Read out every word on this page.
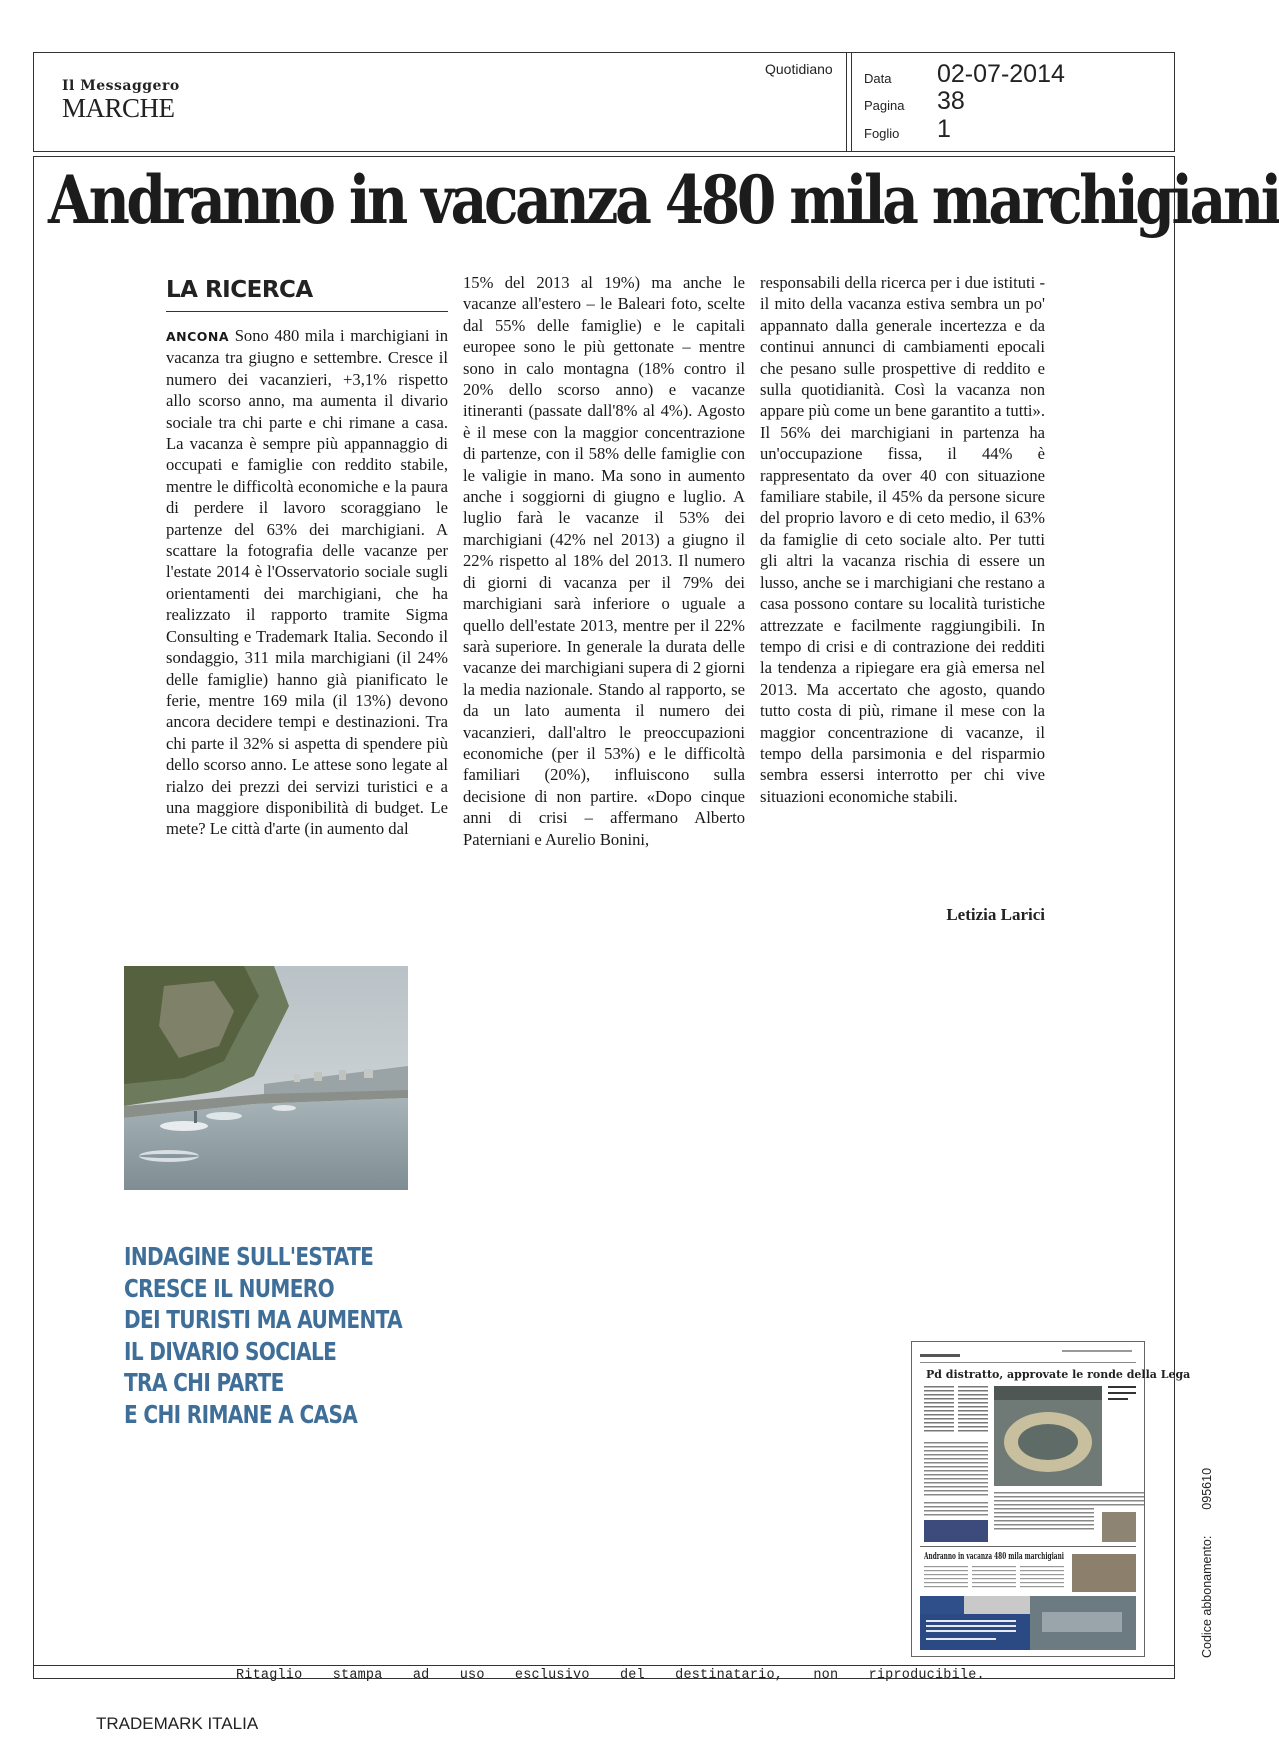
Il Messaggero
MARCHE
Quotidiano
Data 02-07-2014
Pagina 38
Foglio 1
Andranno in vacanza 480 mila marchigiani
LA RICERCA

ANCONA Sono 480 mila i marchigiani in vacanza tra giugno e settembre. Cresce il numero dei vacanzieri, +3,1% rispetto allo scorso anno, ma aumenta il divario sociale tra chi parte e chi rimane a casa. La vacanza è sempre più appannaggio di occupati e famiglie con reddito stabile, mentre le difficoltà economiche e la paura di perdere il lavoro scoraggiano le partenze del 63% dei marchigiani. A scattare la fotografia delle vacanze per l'estate 2014 è l'Osservatorio sociale sugli orientamenti dei marchigiani, che ha realizzato il rapporto tramite Sigma Consulting e Trademark Italia. Secondo il sondaggio, 311 mila marchigiani (il 24% delle famiglie) hanno già pianificato le ferie, mentre 169 mila (il 13%) devono ancora decidere tempi e destinazioni. Tra chi parte il 32% si aspetta di spendere più dello scorso anno. Le attese sono legate al rialzo dei prezzi dei servizi turistici e a una maggiore disponibilità di budget. Le mete? Le città d'arte (in aumento dal

15% del 2013 al 19%) ma anche le vacanze all'estero – le Baleari foto, scelte dal 55% delle famiglie) e le capitali europee sono le più gettonate – mentre sono in calo montagna (18% contro il 20% dello scorso anno) e vacanze itineranti (passate dall'8% al 4%). Agosto è il mese con la maggior concentrazione di partenze, con il 58% delle famiglie con le valigie in mano. Ma sono in aumento anche i soggiorni di giugno e luglio. A luglio farà le vacanze il 53% dei marchigiani (42% nel 2013) a giugno il 22% rispetto al 18% del 2013. Il numero di giorni di vacanza per il 79% dei marchigiani sarà inferiore o uguale a quello dell'estate 2013, mentre per il 22% sarà superiore. In generale la durata delle vacanze dei marchigiani supera di 2 giorni la media nazionale. Stando al rapporto, se da un lato aumenta il numero dei vacanzieri, dall'altro le preoccupazioni economiche (per il 53%) e le difficoltà familiari (20%), influiscono sulla decisione di non partire. «Dopo cinque anni di crisi – affermano Alberto Paterniani e Aurelio Bonini,

responsabili della ricerca per i due istituti - il mito della vacanza estiva sembra un po' appannato dalla generale incertezza e da continui annunci di cambiamenti epocali che pesano sulle prospettive di reddito e sulla quotidianità. Così la vacanza non appare più come un bene garantito a tutti». Il 56% dei marchigiani in partenza ha un'occupazione fissa, il 44% è rappresentato da over 40 con situazione familiare stabile, il 45% da persone sicure del proprio lavoro e di ceto medio, il 63% da famiglie di ceto sociale alto. Per tutti gli altri la vacanza rischia di essere un lusso, anche se i marchigiani che restano a casa possono contare su località turistiche attrezzate e facilmente raggiungibili. In tempo di crisi e di contrazione dei redditi la tendenza a ripiegare era già emersa nel 2013. Ma accertato che agosto, quando tutto costa di più, rimane il mese con la maggior concentrazione di vacanze, il tempo della parsimonia e del risparmio sembra essersi interrotto per chi vive situazioni economiche stabili.

Letizia Larici
INDAGINE SULL'ESTATE
CRESCE IL NUMERO
DEI TURISTI MA AUMENTA
IL DIVARIO SOCIALE
TRA CHI PARTE
E CHI RIMANE A CASA
Pd distratto, approvate le ronde della Lega
Andranno in vacanza 480 mila marchigiani
Ritaglio stampa ad uso esclusivo del destinatario, non riproducibile.
Codice abbonamento:095610
TRADEMARK ITALIA
